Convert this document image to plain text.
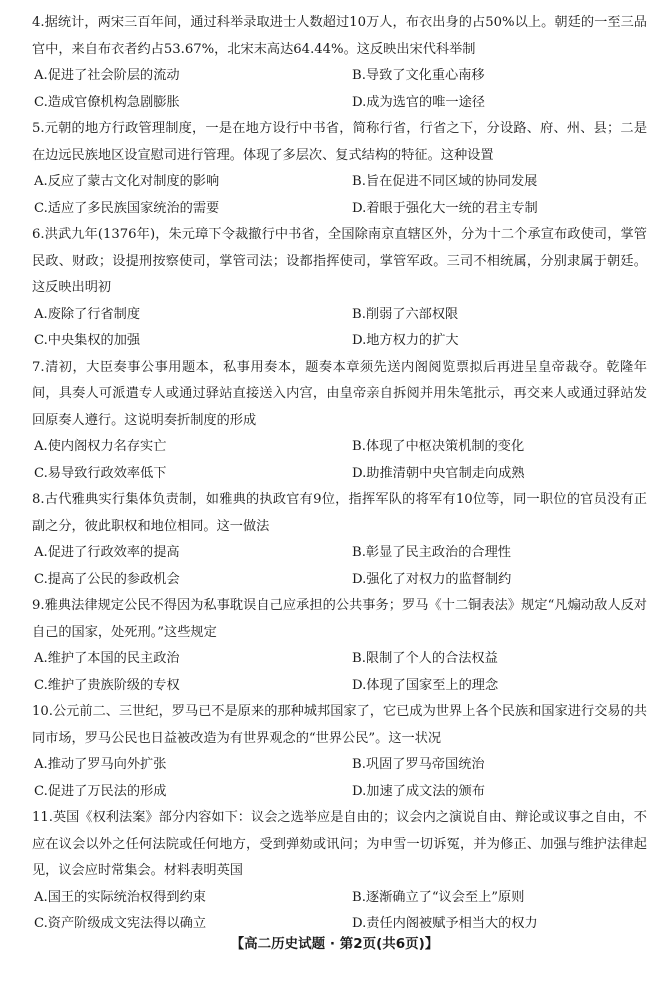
4.据统计，两宋三百年间，通过科举录取进士人数超过10万人，布衣出身的占50%以上。朝廷的一至三品官中，来自布衣者约占53.67%，北宋末高达64.44%。这反映出宋代科举制

A.促进了社会阶层的流动	B.导致了文化重心南移
C.造成官僚机构急剧膨胀	D.成为选官的唯一途径

5.元朝的地方行政管理制度，一是在地方设行中书省，简称行省，行省之下，分设路、府、州、县；二是在边远民族地区设宣慰司进行管理。体现了多层次、复式结构的特征。这种设置

A.反应了蒙古文化对制度的影响	B.旨在促进不同区域的协同发展
C.适应了多民族国家统治的需要	D.着眼于强化大一统的君主专制

6.洪武九年(1376年)，朱元璋下令裁撤行中书省，全国除南京直辖区外，分为十二个承宣布政使司，掌管民政、财政；设提刑按察使司，掌管司法；设都指挥使司，掌管军政。三司不相统属，分别隶属于朝廷。这反映出明初

A.废除了行省制度	B.削弱了六部权限
C.中央集权的加强	D.地方权力的扩大

7.清初，大臣奏事公事用题本，私事用奏本，题奏本章须先送内阁阅览票拟后再进呈皇帝裁夺。乾隆年间，具奏人可派遣专人或通过驿站直接送入内宫，由皇帝亲自拆阅并用朱笔批示，再交来人或通过驿站发回原奏人遵行。这说明奏折制度的形成

A.使内阁权力名存实亡	B.体现了中枢决策机制的变化
C.易导致行政效率低下	D.助推清朝中央官制走向成熟

8.古代雅典实行集体负责制，如雅典的执政官有9位，指挥军队的将军有10位等，同一职位的官员没有正副之分，彼此职权和地位相同。这一做法

A.促进了行政效率的提高	B.彰显了民主政治的合理性
C.提高了公民的参政机会	D.强化了对权力的监督制约

9.雅典法律规定公民不得因为私事耽误自己应承担的公共事务；罗马《十二铜表法》规定“凡煽动敌人反对自己的国家，处死刑。”这些规定

A.维护了本国的民主政治	B.限制了个人的合法权益
C.维护了贵族阶级的专权	D.体现了国家至上的理念

10.公元前二、三世纪，罗马已不是原来的那种城邦国家了，它已成为世界上各个民族和国家进行交易的共同市场，罗马公民也日益被改造为有世界观念的“世界公民”。这一状况

A.推动了罗马向外扩张	B.巩固了罗马帝国统治
C.促进了万民法的形成	D.加速了成文法的颁布

11.英国《权利法案》部分内容如下：议会之选举应是自由的；议会内之演说自由、辩论或议事之自由，不应在议会以外之任何法院或任何地方，受到弹劾或讯问；为申雪一切诉冤，并为修正、加强与维护法律起见，议会应时常集会。材料表明英国

A.国王的实际统治权得到约束	B.逐渐确立了“议会至上”原则
C.资产阶级成文宪法得以确立	D.责任内阁被赋予相当大的权力
【高二历史试题 · 第2页(共6页)】
